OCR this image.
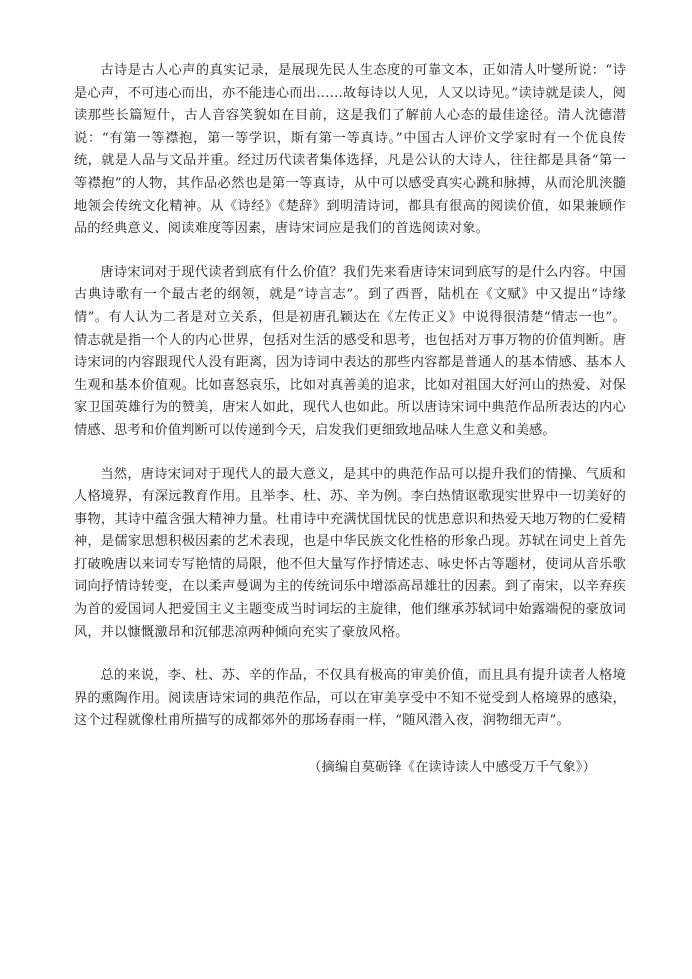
古诗是古人心声的真实记录，是展现先民人生态度的可靠文本，正如清人叶燮所说：“诗是心声，不可违心而出，亦不能违心而出……故每诗以人见，人又以诗见。”读诗就是读人，阅读那些长篇短什，古人音容笑貌如在目前，这是我们了解前人心态的最佳途径。清人沈德潜说：“有第一等襟抱，第一等学识，斯有第一等真诗。”中国古人评价文学家时有一个优良传统，就是人品与文品并重。经过历代读者集体选择，凡是公认的大诗人，往往都是具备“第一等襟抱”的人物，其作品必然也是第一等真诗，从中可以感受真实心跳和脉搏，从而沦肌浃髓地领会传统文化精神。从《诗经》《楚辞》到明清诗词，都具有很高的阅读价值，如果兼顾作品的经典意义、阅读难度等因素，唐诗宋词应是我们的首选阅读对象。

唐诗宋词对于现代读者到底有什么价值？我们先来看唐诗宋词到底写的是什么内容。中国古典诗歌有一个最古老的纲领，就是“诗言志”。到了西晋，陆机在《文赋》中又提出“诗缘情”。有人认为二者是对立关系，但是初唐孔颖达在《左传正义》中说得很清楚“情志一也”。情志就是指一个人的内心世界，包括对生活的感受和思考，也包括对万事万物的价值判断。唐诗宋词的内容跟现代人没有距离，因为诗词中表达的那些内容都是普通人的基本情感、基本人生观和基本价值观。比如喜怒哀乐，比如对真善美的追求，比如对祖国大好河山的热爱、对保家卫国英雄行为的赞美，唐宋人如此，现代人也如此。所以唐诗宋词中典范作品所表达的内心情感、思考和价值判断可以传递到今天，启发我们更细致地品味人生意义和美感。

当然，唐诗宋词对于现代人的最大意义，是其中的典范作品可以提升我们的情操、气质和人格境界，有深远教育作用。且举李、杜、苏、辛为例。李白热情讴歌现实世界中一切美好的事物，其诗中蕴含强大精神力量。杜甫诗中充满忧国忧民的忧患意识和热爱天地万物的仁爱精神，是儒家思想积极因素的艺术表现，也是中华民族文化性格的形象凸现。苏轼在词史上首先打破晚唐以来词专写艳情的局限，他不但大量写作抒情述志、咏史怀古等题材，使词从音乐歌词向抒情诗转变，在以柔声曼调为主的传统词乐中增添高昂雄壮的因素。到了南宋，以辛弃疾为首的爱国词人把爱国主义主题变成当时词坛的主旋律，他们继承苏轼词中始露端倪的豪放词风，并以慷慨激昂和沉郁悲凉两种倾向充实了豪放风格。

总的来说，李、杜、苏、辛的作品，不仅具有极高的审美价值，而且具有提升读者人格境界的熏陶作用。阅读唐诗宋词的典范作品，可以在审美享受中不知不觉受到人格境界的感染，这个过程就像杜甫所描写的成都郊外的那场春雨一样，“随风潜入夜，润物细无声”。

（摘编自莫砺锋《在读诗读人中感受万千气象》）
